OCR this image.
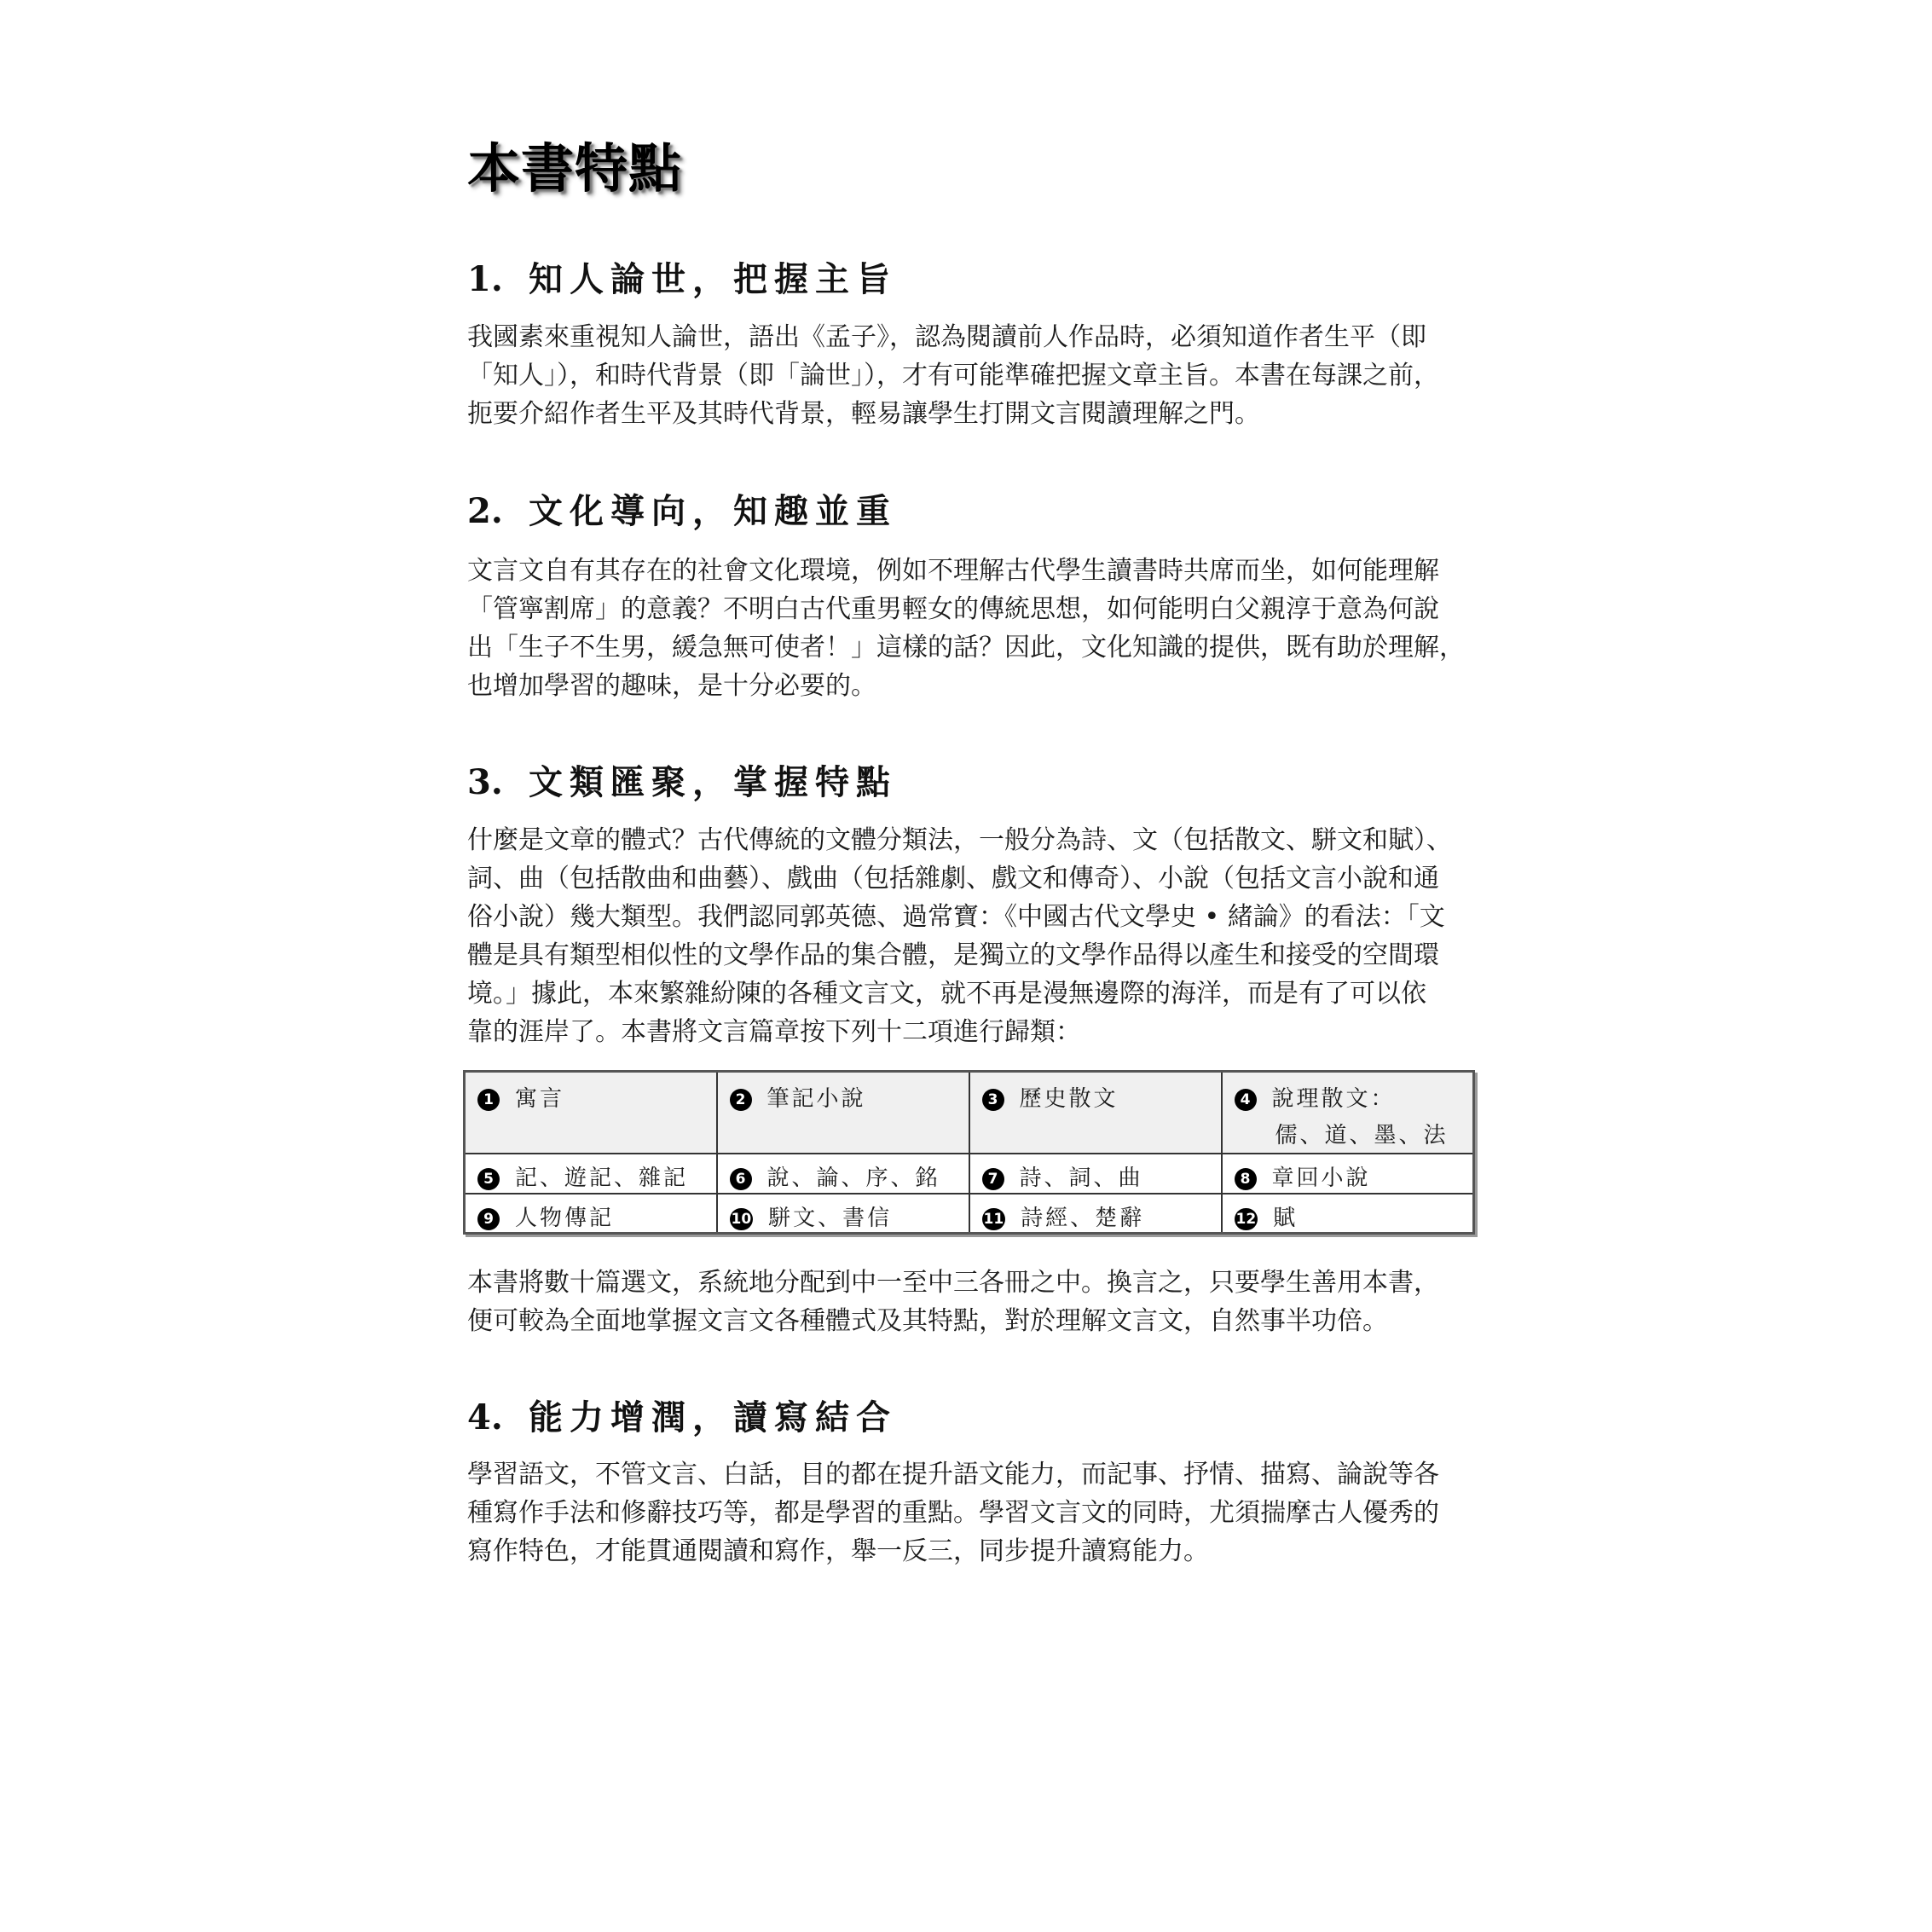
本書特點
1. 知人論世，把握主旨
我國素來重視知人論世，語出《孟子》，認為閱讀前人作品時，必須知道作者生平（即
「知人」），和時代背景（即「論世」），才有可能準確把握文章主旨。本書在每課之前，
扼要介紹作者生平及其時代背景，輕易讓學生打開文言閱讀理解之門。
2. 文化導向，知趣並重
文言文自有其存在的社會文化環境，例如不理解古代學生讀書時共席而坐，如何能理解
「管寧割席」的意義？不明白古代重男輕女的傳統思想，如何能明白父親淳于意為何說
出「生子不生男，緩急無可使者！」這樣的話？因此，文化知識的提供，既有助於理解，
也增加學習的趣味，是十分必要的。
3. 文類匯聚，掌握特點
什麼是文章的體式？古代傳統的文體分類法，一般分為詩、文（包括散文、駢文和賦）、
詞、曲（包括散曲和曲藝）、戲曲（包括雜劇、戲文和傳奇）、小說（包括文言小說和通
俗小說）幾大類型。我們認同郭英德、過常寶：《中國古代文學史 • 緒論》的看法：「文
體是具有類型相似性的文學作品的集合體，是獨立的文學作品得以產生和接受的空間環
境。」據此，本來繁雜紛陳的各種文言文，就不再是漫無邊際的海洋，而是有了可以依
靠的涯岸了。本書將文言篇章按下列十二項進行歸類：
1 寓言	2 筆記小說	3 歷史散文	4 說理散文：
儒、道、墨、法

5 記、遊記、雜記	6 說、論、序、銘	7 詩、詞、曲	8 章回小說
9 人物傳記	10 駢文、書信	11 詩經、楚辭	12 賦
本書將數十篇選文，系統地分配到中一至中三各冊之中。換言之，只要學生善用本書，
便可較為全面地掌握文言文各種體式及其特點，對於理解文言文，自然事半功倍。
4. 能力增潤，讀寫結合
學習語文，不管文言、白話，目的都在提升語文能力，而記事、抒情、描寫、論說等各
種寫作手法和修辭技巧等，都是學習的重點。學習文言文的同時，尤須揣摩古人優秀的
寫作特色，才能貫通閱讀和寫作，舉一反三，同步提升讀寫能力。
